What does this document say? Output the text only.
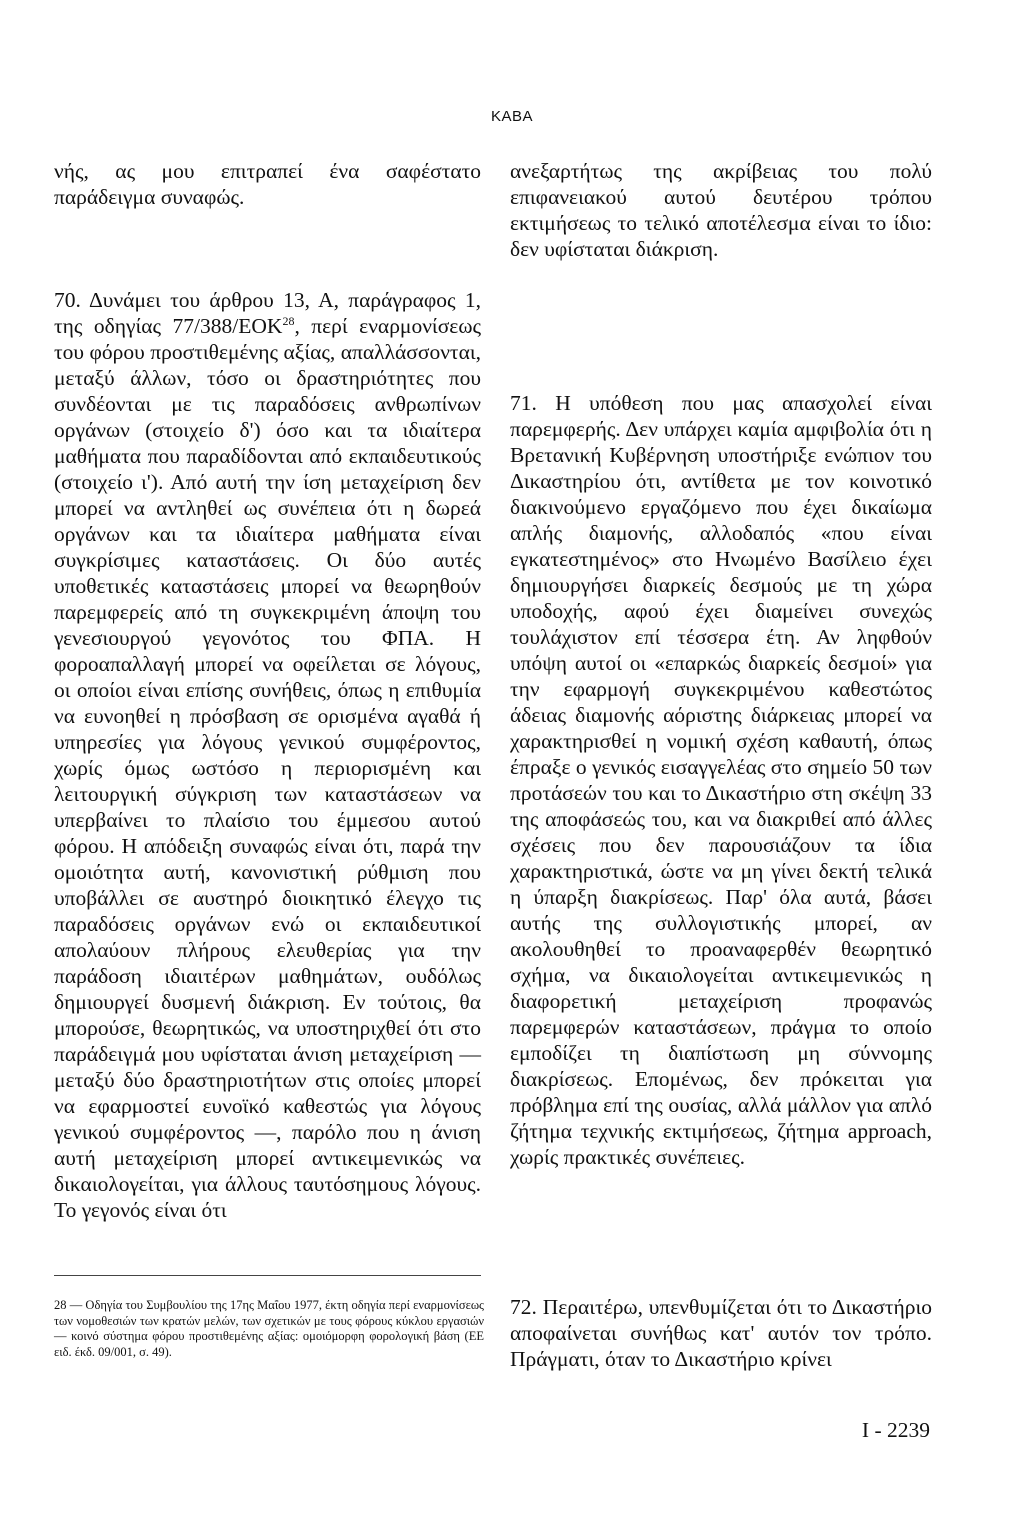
KABA

νής, ας μου επιτραπεί ένα σαφέστατο παράδειγμα συναφώς.

70. Δυνάμει του άρθρου 13, Α, παράγραφος 1, της οδηγίας 77/388/ΕΟΚ$^{28}$, περί εναρμονίσεως του φόρου προστιθεμένης αξίας, απαλλάσσονται, μεταξύ άλλων, τόσο οι δραστηριότητες που συνδέονται με τις παραδόσεις ανθρωπίνων οργάνων (στοιχείο δ') όσο και τα ιδιαίτερα μαθήματα που παραδίδονται από εκπαιδευτικούς (στοιχείο ι'). Από αυτή την ίση μεταχείριση δεν μπορεί να αντληθεί ως συνέπεια ότι η δωρεά οργάνων και τα ιδιαίτερα μαθήματα είναι συγκρίσιμες καταστάσεις. Οι δύο αυτές υποθετικές καταστάσεις μπορεί να θεωρηθούν παρεμφερείς από τη συγκεκριμένη άποψη του γενεσιουργού γεγονότος του ΦΠΑ. Η φοροαπαλλαγή μπορεί να οφείλεται σε λόγους, οι οποίοι είναι επίσης συνήθεις, όπως η επιθυμία να ευνοηθεί η πρόσβαση σε ορισμένα αγαθά ή υπηρεσίες για λόγους γενικού συμφέροντος, χωρίς όμως ωστόσο η περιορισμένη και λειτουργική σύγκριση των καταστάσεων να υπερβαίνει το πλαίσιο του έμμεσου αυτού φόρου. Η απόδειξη συναφώς είναι ότι, παρά την ομοιότητα αυτή, κανονιστική ρύθμιση που υποβάλλει σε αυστηρό διοικητικό έλεγχο τις παραδόσεις οργάνων ενώ οι εκπαιδευτικοί απολαύουν πλήρους ελευθερίας για την παράδοση ιδιαιτέρων μαθημάτων, ουδόλως δημιουργεί δυσμενή διάκριση. Εν τούτοις, θα μπορούσε, θεωρητικώς, να υποστηριχθεί ότι στο παράδειγμά μου υφίσταται άνιση μεταχείριση — μεταξύ δύο δραστηριοτήτων στις οποίες μπορεί να εφαρμοστεί ευνοϊκό καθεστώς για λόγους γενικού συμφέροντος —, παρόλο που η άνιση αυτή μεταχείριση μπορεί αντικειμενικώς να δικαιολογείται, για άλλους ταυτόσημους λόγους. Το γεγονός είναι ότι

ανεξαρτήτως της ακρίβειας του πολύ επιφανειακού αυτού δευτέρου τρόπου εκτιμήσεως το τελικό αποτέλεσμα είναι το ίδιο: δεν υφίσταται διάκριση.

71. Η υπόθεση που μας απασχολεί είναι παρεμφερής. Δεν υπάρχει καμία αμφιβολία ότι η Βρετανική Κυβέρνηση υποστήριξε ενώπιον του Δικαστηρίου ότι, αντίθετα με τον κοινοτικό διακινούμενο εργαζόμενο που έχει δικαίωμα απλής διαμονής, αλλοδαπός «που είναι εγκατεστημένος» στο Ηνωμένο Βασίλειο έχει δημιουργήσει διαρκείς δεσμούς με τη χώρα υποδοχής, αφού έχει διαμείνει συνεχώς τουλάχιστον επί τέσσερα έτη. Αν ληφθούν υπόψη αυτοί οι «επαρκώς διαρκείς δεσμοί» για την εφαρμογή συγκεκριμένου καθεστώτος άδειας διαμονής αόριστης διάρκειας μπορεί να χαρακτηρισθεί η νομική σχέση καθαυτή, όπως έπραξε ο γενικός εισαγγελέας στο σημείο 50 των προτάσεών του και το Δικαστήριο στη σκέψη 33 της αποφάσεώς του, και να διακριθεί από άλλες σχέσεις που δεν παρουσιάζουν τα ίδια χαρακτηριστικά, ώστε να μη γίνει δεκτή τελικά η ύπαρξη διακρίσεως. Παρ' όλα αυτά, βάσει αυτής της συλλογιστικής μπορεί, αν ακολουθηθεί το προαναφερθέν θεωρητικό σχήμα, να δικαιολογείται αντικειμενικώς η διαφορετική μεταχείριση προφανώς παρεμφερών καταστάσεων, πράγμα το οποίο εμποδίζει τη διαπίστωση μη σύννομης διακρίσεως. Επομένως, δεν πρόκειται για πρόβλημα επί της ουσίας, αλλά μάλλον για απλό ζήτημα τεχνικής εκτιμήσεως, ζήτημα approach, χωρίς πρακτικές συνέπειες.

72. Περαιτέρω, υπενθυμίζεται ότι το Δικαστήριο αποφαίνεται συνήθως κατ' αυτόν τον τρόπο. Πράγματι, όταν το Δικαστήριο κρίνει

28 — Οδηγία του Συμβουλίου της 17ης Μαΐου 1977, έκτη οδηγία περί εναρμονίσεως των νομοθεσιών των κρατών μελών, των σχετικών με τους φόρους κύκλου εργασιών — κοινό σύστημα φόρου προστιθεμένης αξίας: ομοιόμορφη φορολογική βάση (ΕΕ ειδ. έκδ. 09/001, σ. 49).
I - 2239
